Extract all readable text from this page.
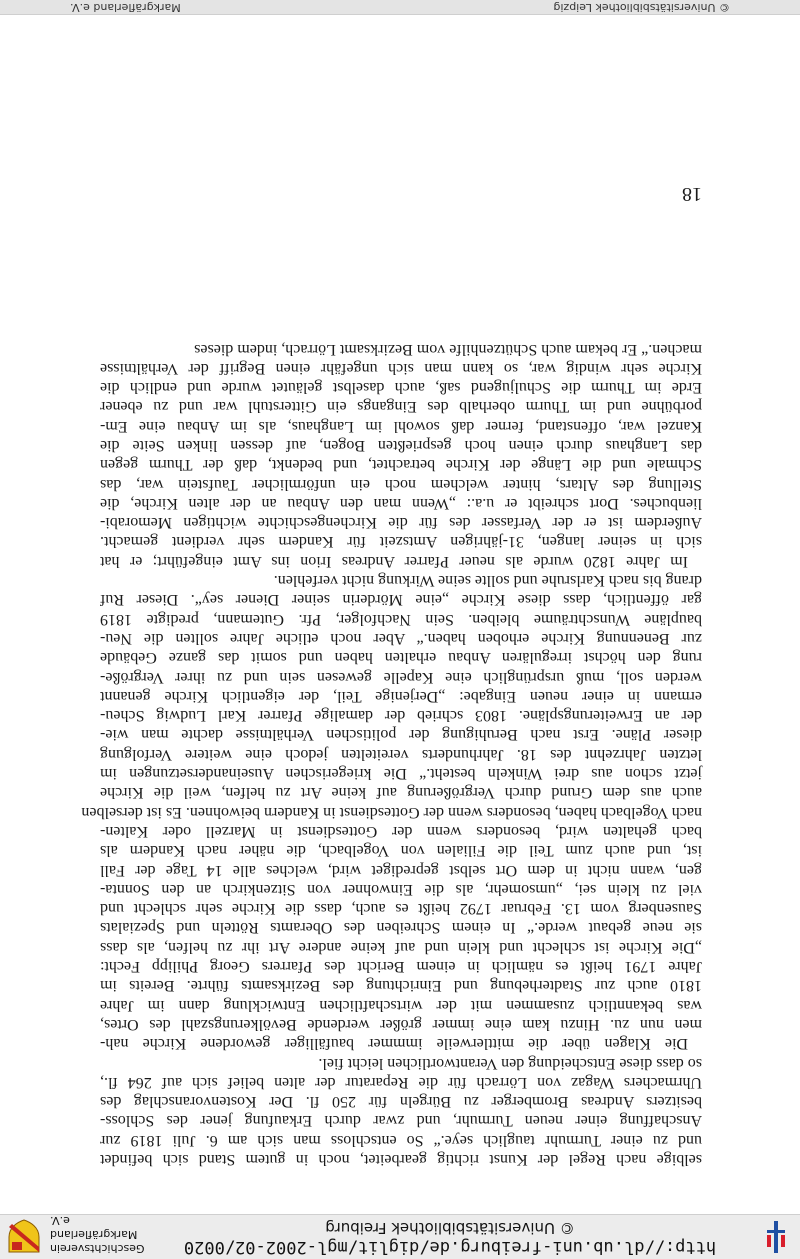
http://dl.ub.uni-freiburg.de/diglit/mgl-2002-02/0020
© Universitätsbibliothek Freiburg
Geschichtsverein
Markgräflerland e.V.
selbige nach Regel der Kunst richtig gearbeitet, noch in gutem Stand sich befindet
und zu einer Turmuhr tauglich seye.“ So entschloss man sich am 6. Juli 1819 zur
Anschaffung einer neuen Turmuhr, und zwar durch Erkaufung jener des Schloss-
besitzers Andreas Bromberger zu Bürgeln für 250 fl. Der Kostenvoranschlag des
Uhrmachers Wagaz von Lörrach für die Reparatur der alten belief sich auf 264 fl.,
so dass diese Entscheidung den Verantwortlichen leicht fiel.
Die Klagen über die mittlerweile immmer baufälliger gewordene Kirche nah-
men nun zu. Hinzu kam eine immer größer werdende Bevölkerungszahl des Ortes,
was bekanntlich zusammen mit der wirtschaftlichen Entwicklung dann im Jahre
1810 auch zur Stadterhebung und Einrichtung des Bezirksamts führte. Bereits im
Jahre 1791 heißt es nämlich in einem Bericht des Pfarrers Georg Philipp Fecht:
„Die Kirche ist schlecht und klein und auf keine andere Art ihr zu helfen, als dass
sie neue gebaut werde.“ In einem Schreiben des Oberamts Rötteln und Spezialats
Sausenberg vom 13. Februar 1792 heißt es auch, dass die Kirche sehr schlecht und
viel zu klein sei, „umsomehr, als die Einwohner von Sitzenkirch an den Sonnta-
gen, wann nicht in dem Ort selbst geprediget wird, welches alle 14 Tage der Fall
ist, und auch zum Teil die Filialen von Vogelbach, die näher nach Kandern als
bach gehalten wird, besonders wenn der Gottesdienst in Marzell oder Kalten-
nach Vogelbach haben, besonders wenn der Gottesdienst in Kandern beiwohnen. Es ist derselben
auch aus dem Grund durch Vergrößerung auf keine Art zu helfen, weil die Kirche
jetzt schon aus drei Winkeln besteht.“ Die kriegerischen Auseinandersetzungen im
letzten Jahrzehnt des 18. Jahrhunderts vereitelten jedoch eine weitere Verfolgung
dieser Pläne. Erst nach Beruhigung der politischen Verhältnisse dachte man wie-
der an Erweiterungspläne. 1803 schrieb der damalige Pfarrer Karl Ludwig Scheu-
ermann in einer neuen Eingabe: „Derjenige Teil, der eigentlich Kirche genannt
werden soll, muß ursprünglich eine Kapelle gewesen sein und zu ihrer Vergröße-
rung den höchst irregulären Anbau erhalten haben und somit das ganze Gebäude
zur Benennung Kirche erhoben haben.“ Aber noch etliche Jahre sollten die Neu-
baupläne Wunschträume bleiben. Sein Nachfolger, Pfr. Gutemann, predigte 1819
gar öffentlich, dass diese Kirche „eine Mörderin seiner Diener sey“. Dieser Ruf
drang bis nach Karlsruhe und sollte seine Wirkung nicht verfehlen.
Im Jahre 1820 wurde als neuer Pfarrer Andreas Irion ins Amt eingeführt; er hat
sich in seiner langen, 31-jährigen Amtszeit für Kandern sehr verdient gemacht.
Außerdem ist er der Verfasser des für die Kirchengeschichte wichtigen Memorabi-
lienbuches. Dort schreibt er u.a.: „Wenn man den Anbau an der alten Kirche, die
Stellung des Altars, hinter welchem noch ein unförmlicher Taufstein war, das
Schmale und die Länge der Kirche betrachtet, und bedenkt, daß der Thurm gegen
das Langhaus durch einen hoch gesprießten Bogen, auf dessen linken Seite die
Kanzel war, offenstand, ferner daß sowohl im Langhaus, als im Anbau eine Em-
porbühne und im Thurm oberhalb des Eingangs ein Gitterstuhl war und zu ebener
Erde im Thurm die Schuljugend saß, auch daselbst geläutet wurde und endlich die
Kirche sehr windig war, so kann man sich ungefähr einen Begriff der Verhältnisse
machen.“ Er bekam auch Schützenhilfe vom Bezirksamt Lörrach, indem dieses
18
© Universitätsbibliothek Leipzig
Markgräflerland e.V.
